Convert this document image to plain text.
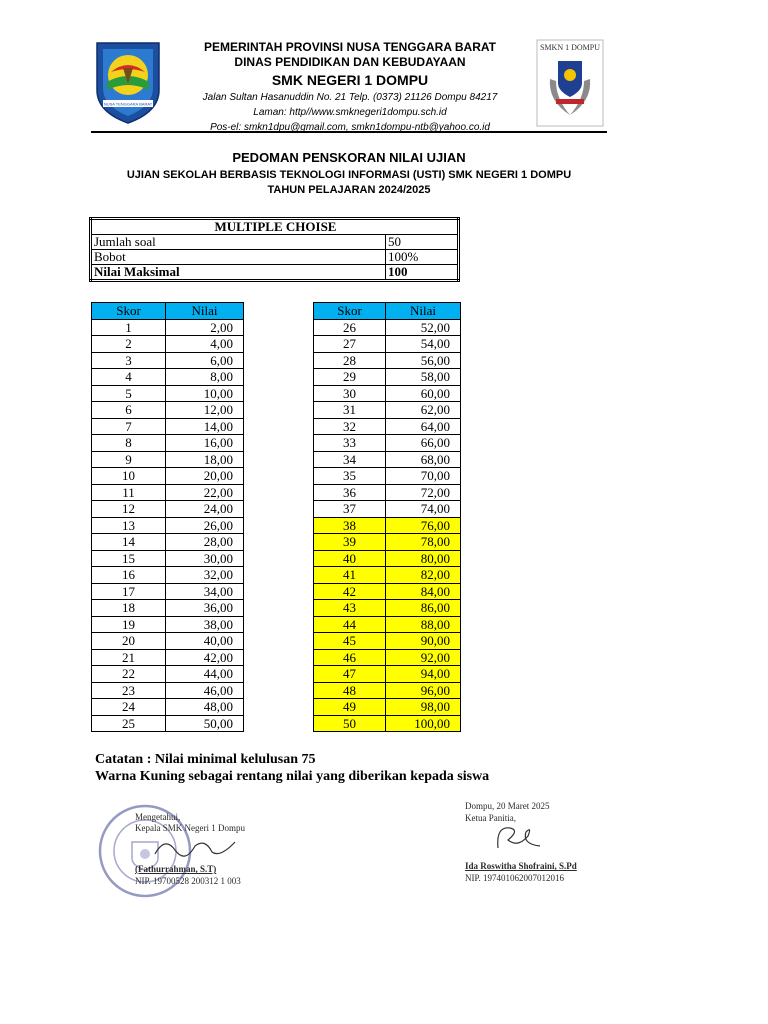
NUSA TENGGARA BARAT
PEMERINTAH PROVINSI NUSA TENGGARA BARAT
DINAS PENDIDIKAN DAN KEBUDAYAAN
SMK NEGERI 1 DOMPU
Jalan Sultan Hasanuddin No. 21 Telp. (0373) 21126 Dompu 84217
Laman: http//www.smknegeri1dompu.sch.id
Pos-el: smkn1dpu@gmail.com, smkn1dompu-ntb@yahoo.co.id
SMKN 1 DOMPU
PEDOMAN PENSKORAN NILAI UJIAN
UJIAN SEKOLAH BERBASIS TEKNOLOGI INFORMASI (USTI) SMK NEGERI 1 DOMPU
TAHUN PELAJARAN 2024/2025
MULTIPLE CHOISE	
Jumlah soal	50
Bobot	100%
Nilai Maksimal	100
Skor	Nilai
1	2,00
2	4,00
3	6,00
4	8,00
5	10,00
6	12,00
7	14,00
8	16,00
9	18,00
10	20,00
11	22,00
12	24,00
13	26,00
14	28,00
15	30,00
16	32,00
17	34,00
18	36,00
19	38,00
20	40,00
21	42,00
22	44,00
23	46,00
24	48,00
25	50,00
Skor	Nilai
26	52,00
27	54,00
28	56,00
29	58,00
30	60,00
31	62,00
32	64,00
33	66,00
34	68,00
35	70,00
36	72,00
37	74,00
38	76,00
39	78,00
40	80,00
41	82,00
42	84,00
43	86,00
44	88,00
45	90,00
46	92,00
47	94,00
48	96,00
49	98,00
50	100,00
Catatan : Nilai minimal kelulusan 75
Warna Kuning sebagai rentang nilai yang diberikan kepada siswa
Mengetahui,
Kepala SMK Negeri 1 Dompu
(Fathurrahman, S.T)
NIP. 19700528 200312 1 003
Dompu, 20 Maret 2025
Ketua Panitia,
Ida Roswitha Shofraini, S.Pd
NIP. 197401062007012016
